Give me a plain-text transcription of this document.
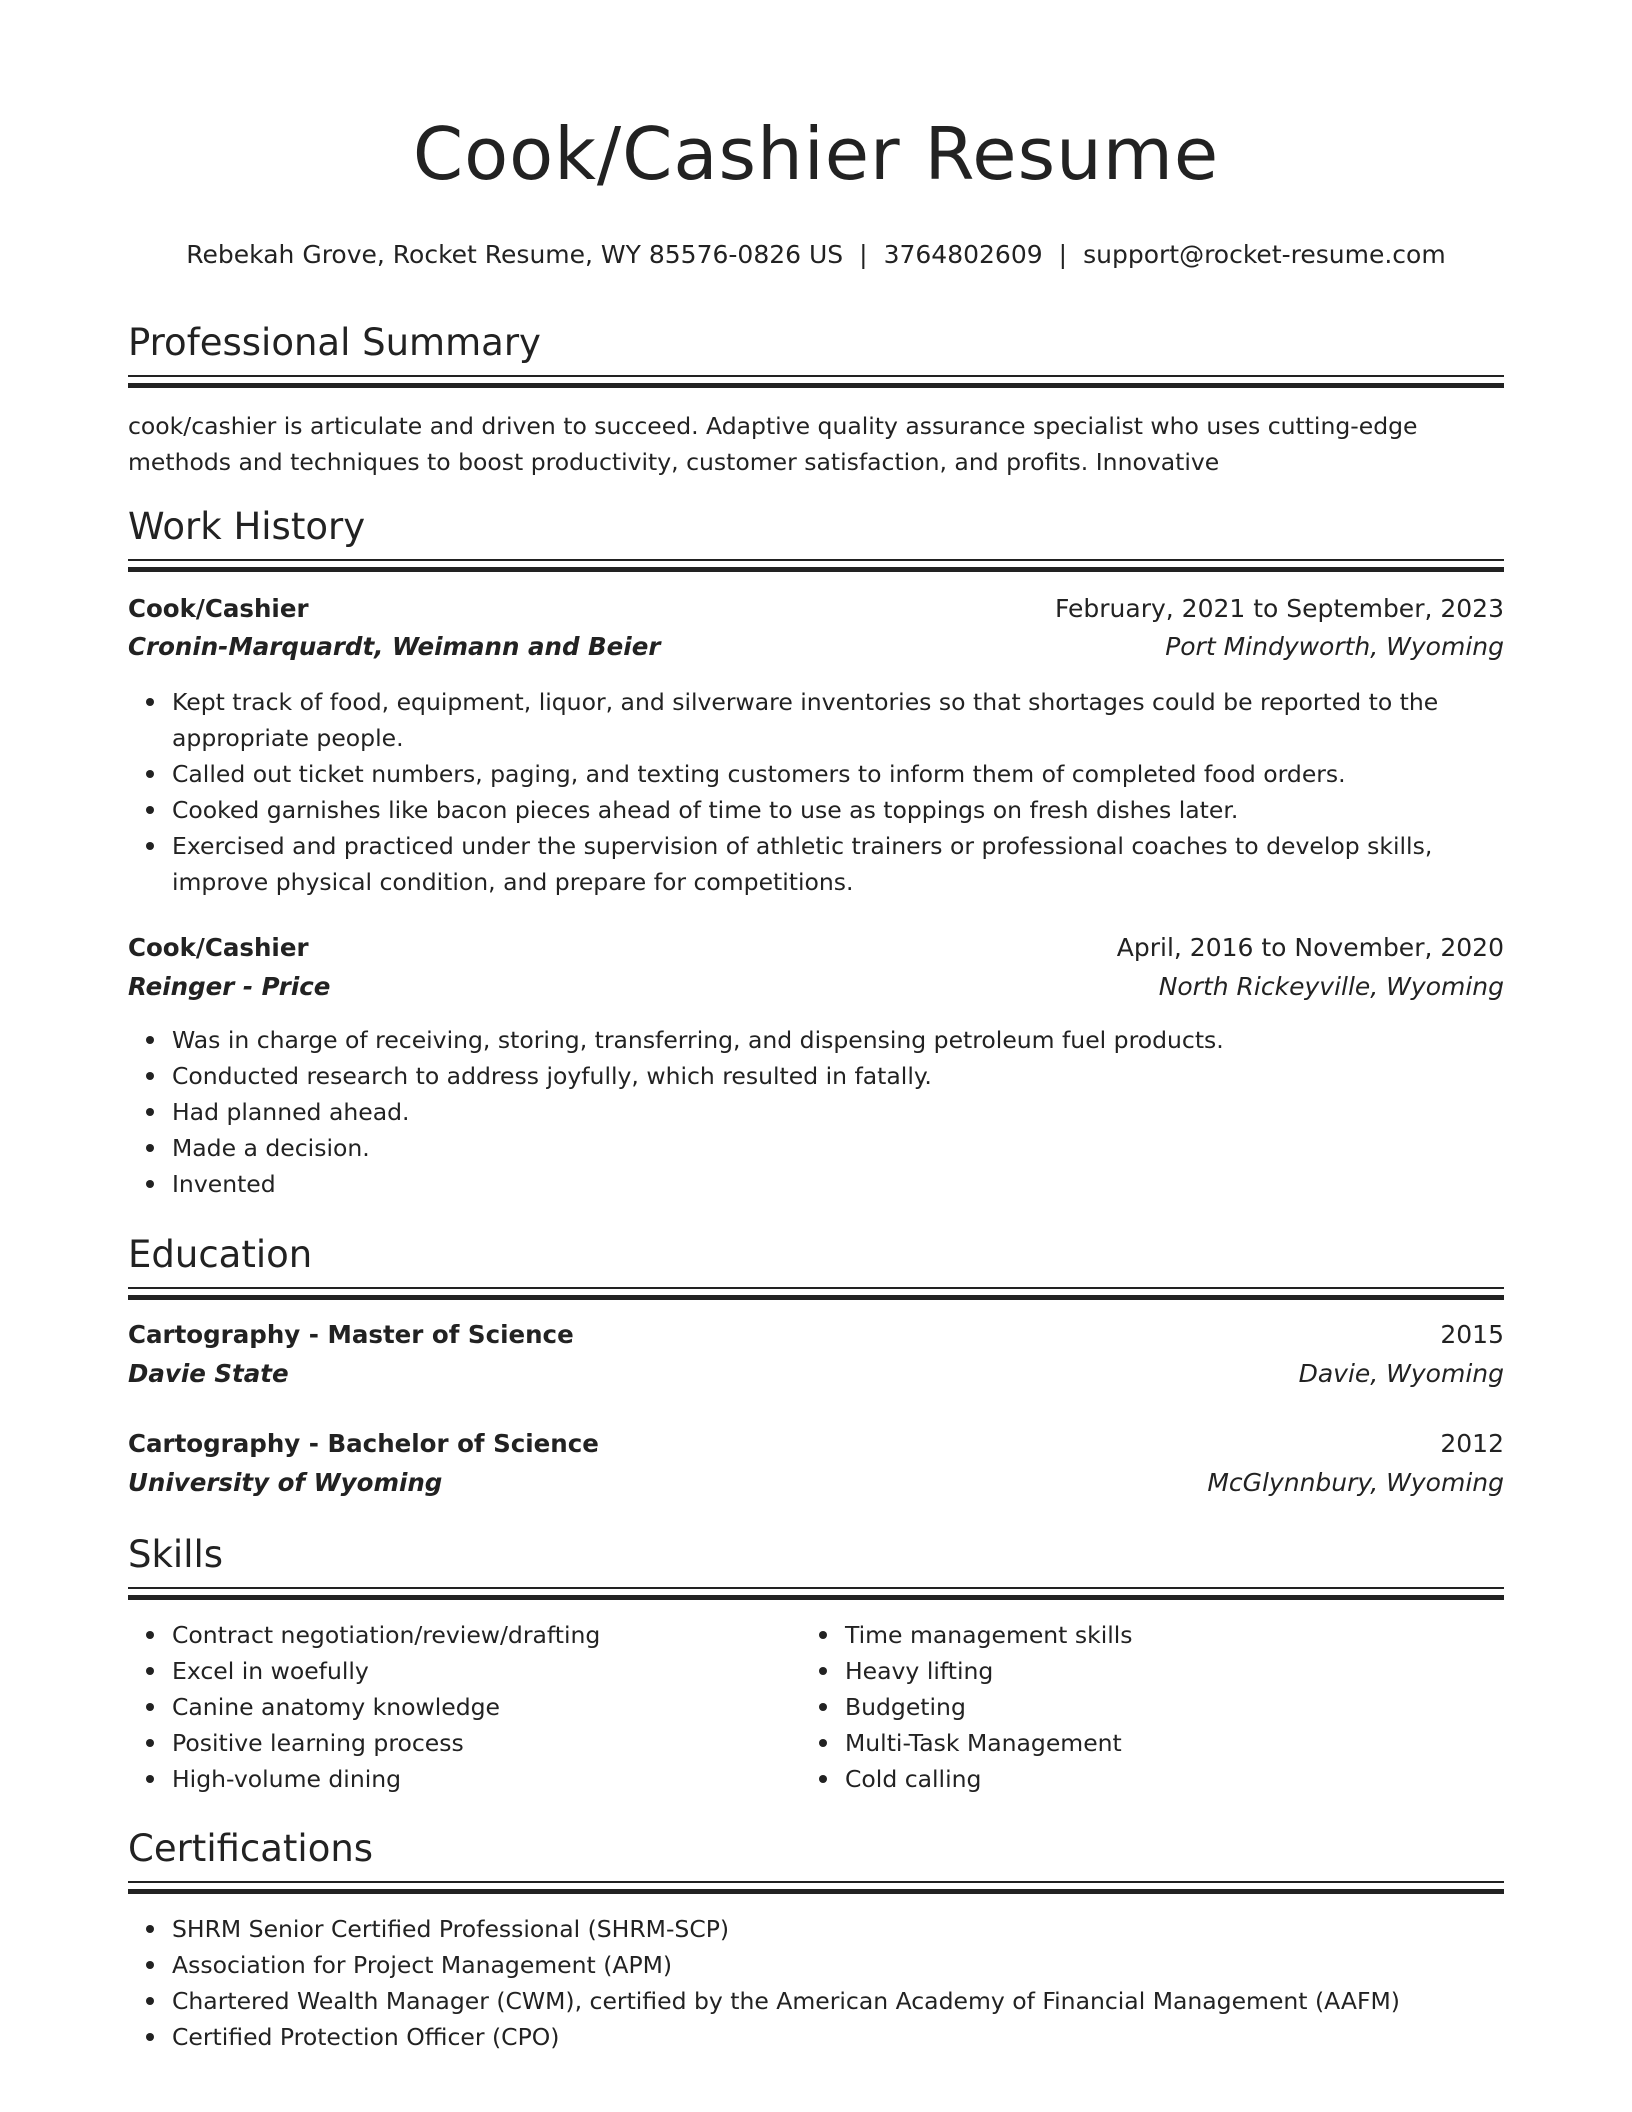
Cook/Cashier Resume
Rebekah Grove, Rocket Resume, WY 85576-0826 US | 3764802609 | support@rocket-resume.com
Professional Summary

cook/cashier is articulate and driven to succeed. Adaptive quality assurance specialist who uses cutting-edge methods and techniques to boost productivity, customer satisfaction, and profits. Innovative

Work History
Cook/Cashier	February, 2021 to September, 2023
Cronin-Marquardt, Weimann and Beier	Port Mindyworth, Wyoming
Kept track of food, equipment, liquor, and silverware inventories so that shortages could be reported to the appropriate people.
Called out ticket numbers, paging, and texting customers to inform them of completed food orders.
Cooked garnishes like bacon pieces ahead of time to use as toppings on fresh dishes later.
Exercised and practiced under the supervision of athletic trainers or professional coaches to develop skills, improve physical condition, and prepare for competitions.
Cook/Cashier	April, 2016 to November, 2020
Reinger - Price	North Rickeyville, Wyoming
Was in charge of receiving, storing, transferring, and dispensing petroleum fuel products.
Conducted research to address joyfully, which resulted in fatally.
Had planned ahead.
Made a decision.
Invented
Education
Cartography - Master of Science	2015
Davie State	Davie, Wyoming
Cartography - Bachelor of Science	2012
University of Wyoming	McGlynnbury, Wyoming
Skills
Contract negotiation/review/drafting
Excel in woefully
Canine anatomy knowledge
Positive learning process
High-volume dining
Time management skills
Heavy lifting
Budgeting
Multi-Task Management
Cold calling
Certifications
SHRM Senior Certified Professional (SHRM-SCP)
Association for Project Management (APM)
Chartered Wealth Manager (CWM), certified by the American Academy of Financial Management (AAFM)
Certified Protection Officer (CPO)
